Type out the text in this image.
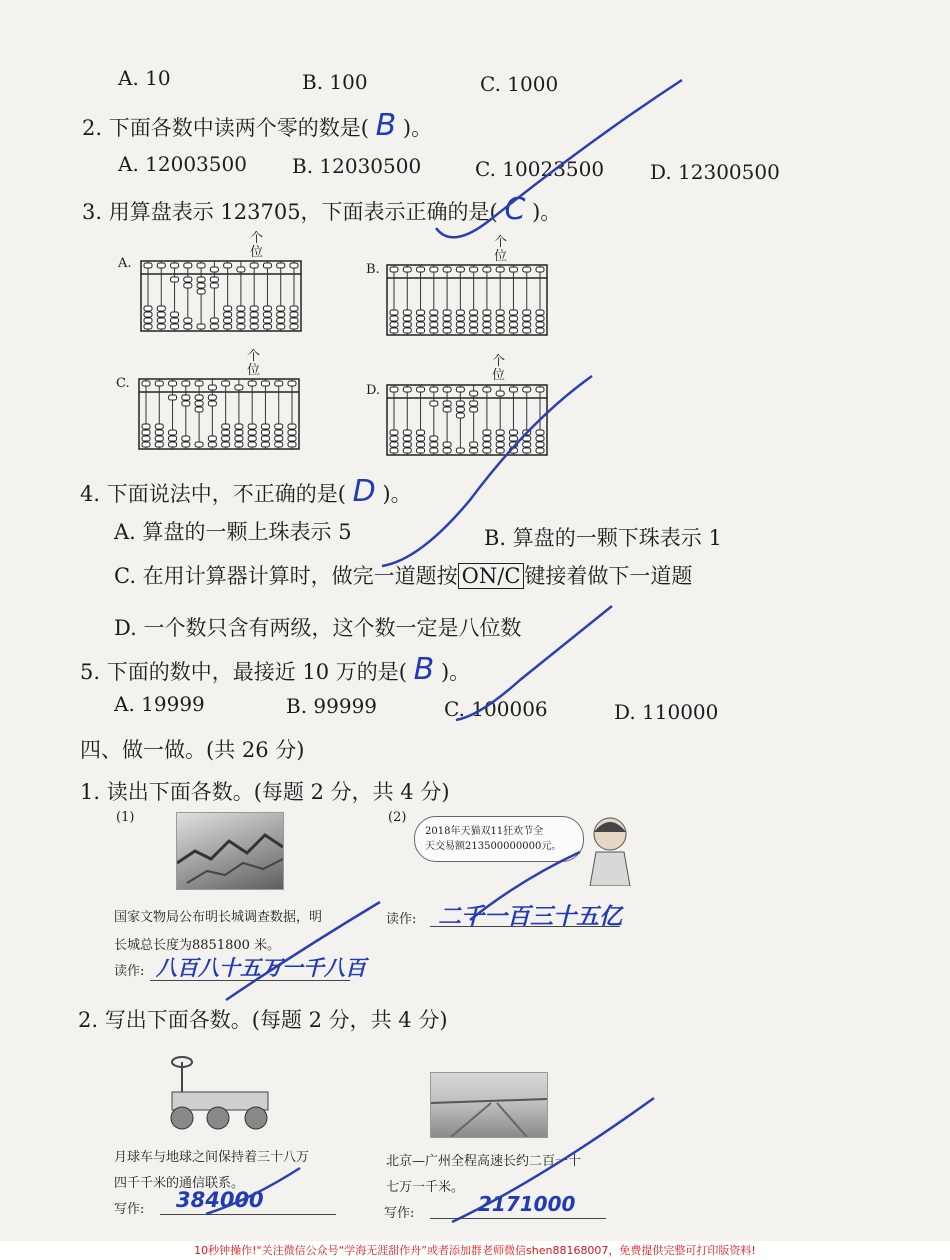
A. 10	B. 100	C. 1000
2. 下面各数中读两个零的数是( B )。
A. 12003500 B. 12030500	C. 10023500 D. 12300500
3. 用算盘表示 123705，下面表示正确的是( C )。
A.	B.
C.	D.
个
位
个
位
个
位
个
位
4. 下面说法中，不正确的是( D )。
A. 算盘的一颗上珠表示 5	B. 算盘的一颗下珠表示 1
C. 在用计算器计算时，做完一道题按 ON/C 键接着做下一道题
D. 一个数只含有两级，这个数一定是八位数
5. 下面的数中，最接近 10 万的是( B )。
A. 19999	B. 99999	C. 100006	D. 110000
四、做一做。(共 26 分)
1. 读出下面各数。(每题 2 分，共 4 分)
(1)
国家文物局公布明长城调查数据，明
长城总长度为8851800 米。
读作: 八百八十五万一千八百
(2)
2018年天猫双11狂欢节全
天交易额213500000000元。
读作: 二千一百三十五亿
2. 写出下面各数。(每题 2 分，共 4 分)
月球车与地球之间保持着三十八万
四千千米的通信联系。
写作: 384000
北京—广州全程高速长约二百一十
七万一千米。
写作:	2171000
10秒钟操作!"关注微信公众号“学海无涯甜作舟”或者添加群老师微信shen88168007，免费提供完整可打印版资料!
